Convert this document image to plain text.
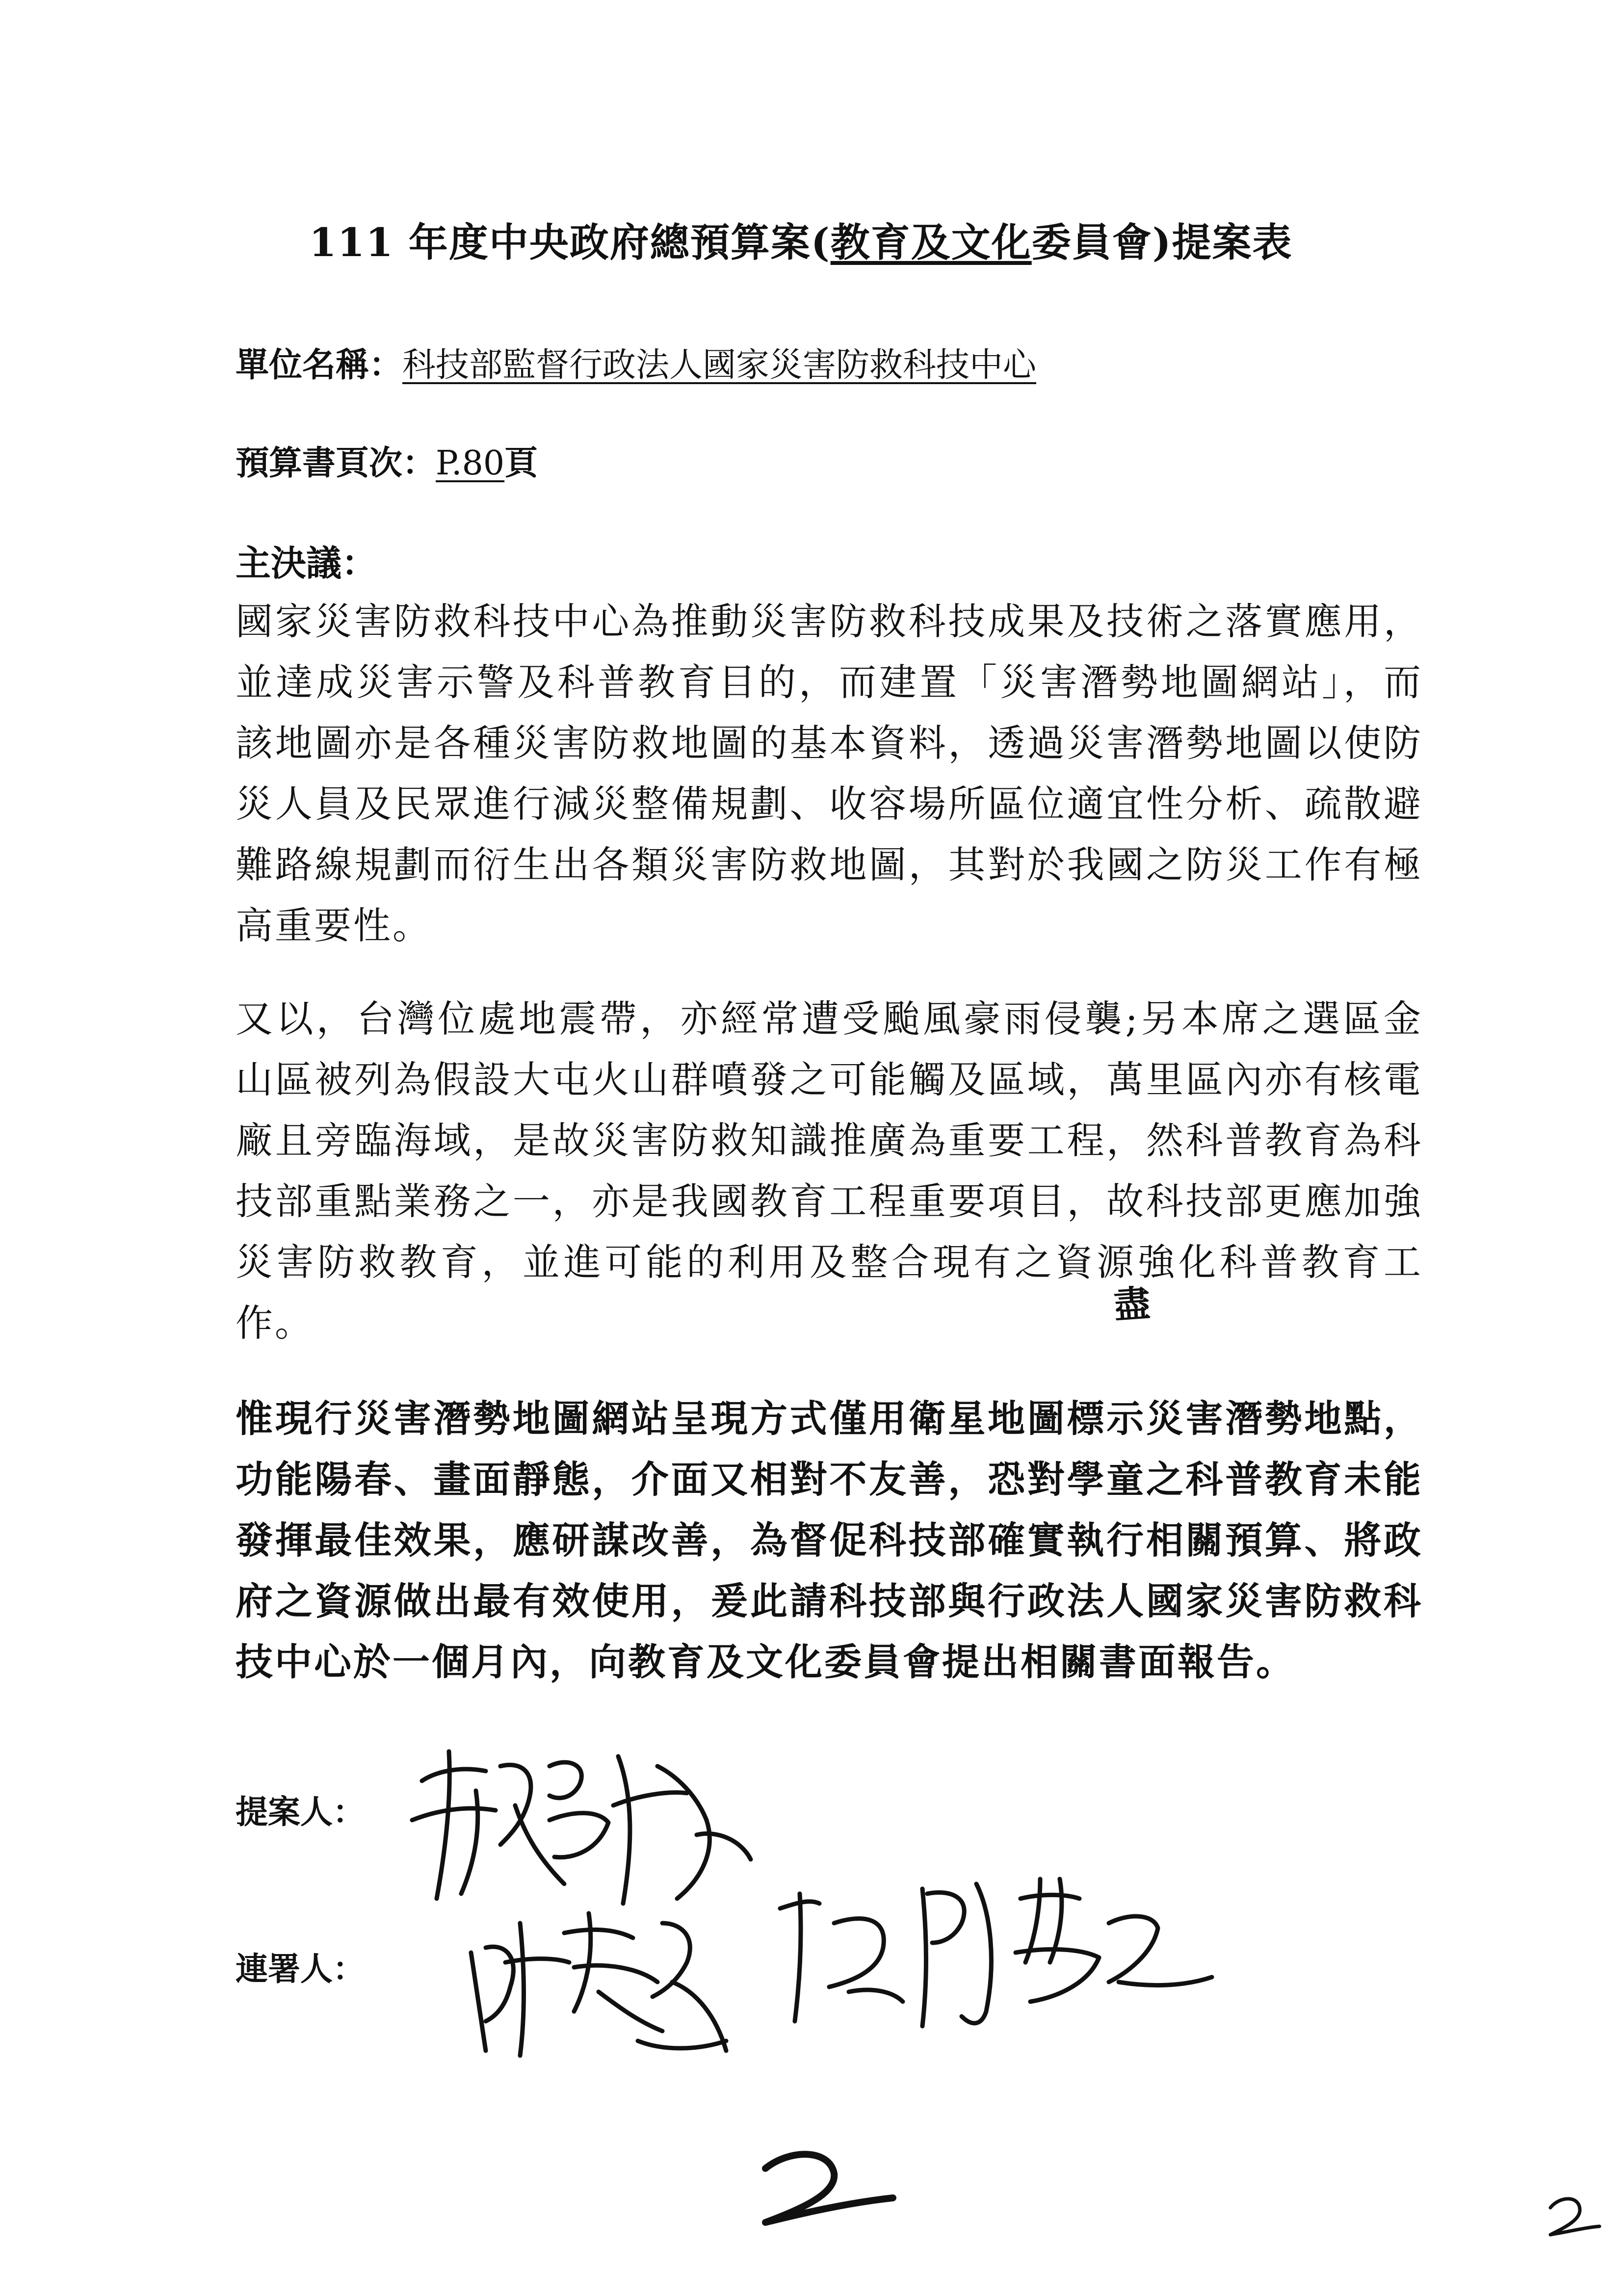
111 年度中央政府總預算案(教育及文化委員會)提案表
單位名稱：科技部監督行政法人國家災害防救科技中心
預算書頁次：P.80頁
主決議：
國家災害防救科技中心為推動災害防救科技成果及技術之落實應用，並達成災害示警及科普教育目的，而建置「災害潛勢地圖網站」，而該地圖亦是各種災害防救地圖的基本資料，透過災害潛勢地圖以使防災人員及民眾進行減災整備規劃、收容場所區位適宜性分析、疏散避難路線規劃而衍生出各類災害防救地圖，其對於我國之防災工作有極高重要性。
又以，台灣位處地震帶，亦經常遭受颱風豪雨侵襲;另本席之選區金山區被列為假設大屯火山群噴發之可能觸及區域，萬里區內亦有核電廠且旁臨海域，是故災害防救知識推廣為重要工程，然科普教育為科技部重點業務之一，亦是我國教育工程重要項目，故科技部更應加強災害防救教育，並進可能的利用及整合現有之資源強化科普教育工作。	盡
惟現行災害潛勢地圖網站呈現方式僅用衛星地圖標示災害潛勢地點，功能陽春、畫面靜態，介面又相對不友善，恐對學童之科普教育未能發揮最佳效果，應研謀改善，為督促科技部確實執行相關預算、將政府之資源做出最有效使用，爰此請科技部與行政法人國家災害防救科技中心於一個月內，向教育及文化委員會提出相關書面報告。
提案人：
連署人：
